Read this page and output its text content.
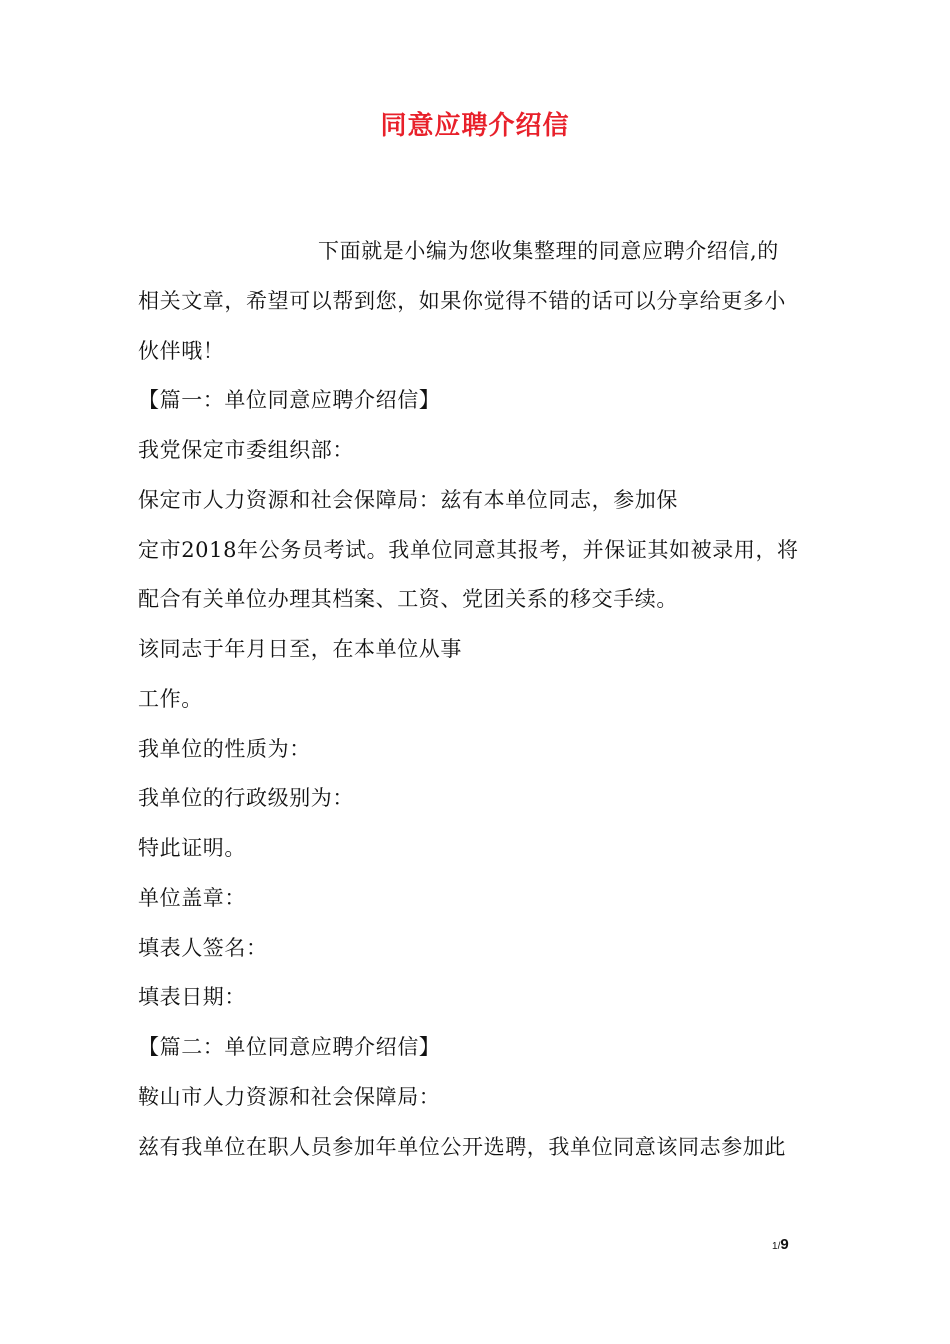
同意应聘介绍信
下面就是小编为您收集整理的同意应聘介绍信,的
相关文章，希望可以帮到您，如果你觉得不错的话可以分享给更多小
伙伴哦！
【篇一：单位同意应聘介绍信】
我党保定市委组织部：
保定市人力资源和社会保障局：兹有本单位同志，参加保
定市2018年公务员考试。我单位同意其报考，并保证其如被录用，将
配合有关单位办理其档案、工资、党团关系的移交手续。
该同志于年月日至，在本单位从事
工作。
我单位的性质为：
我单位的行政级别为：
特此证明。
单位盖章：
填表人签名：
填表日期：
【篇二：单位同意应聘介绍信】
鞍山市人力资源和社会保障局：
兹有我单位在职人员参加年单位公开选聘，我单位同意该同志参加此
1/9
